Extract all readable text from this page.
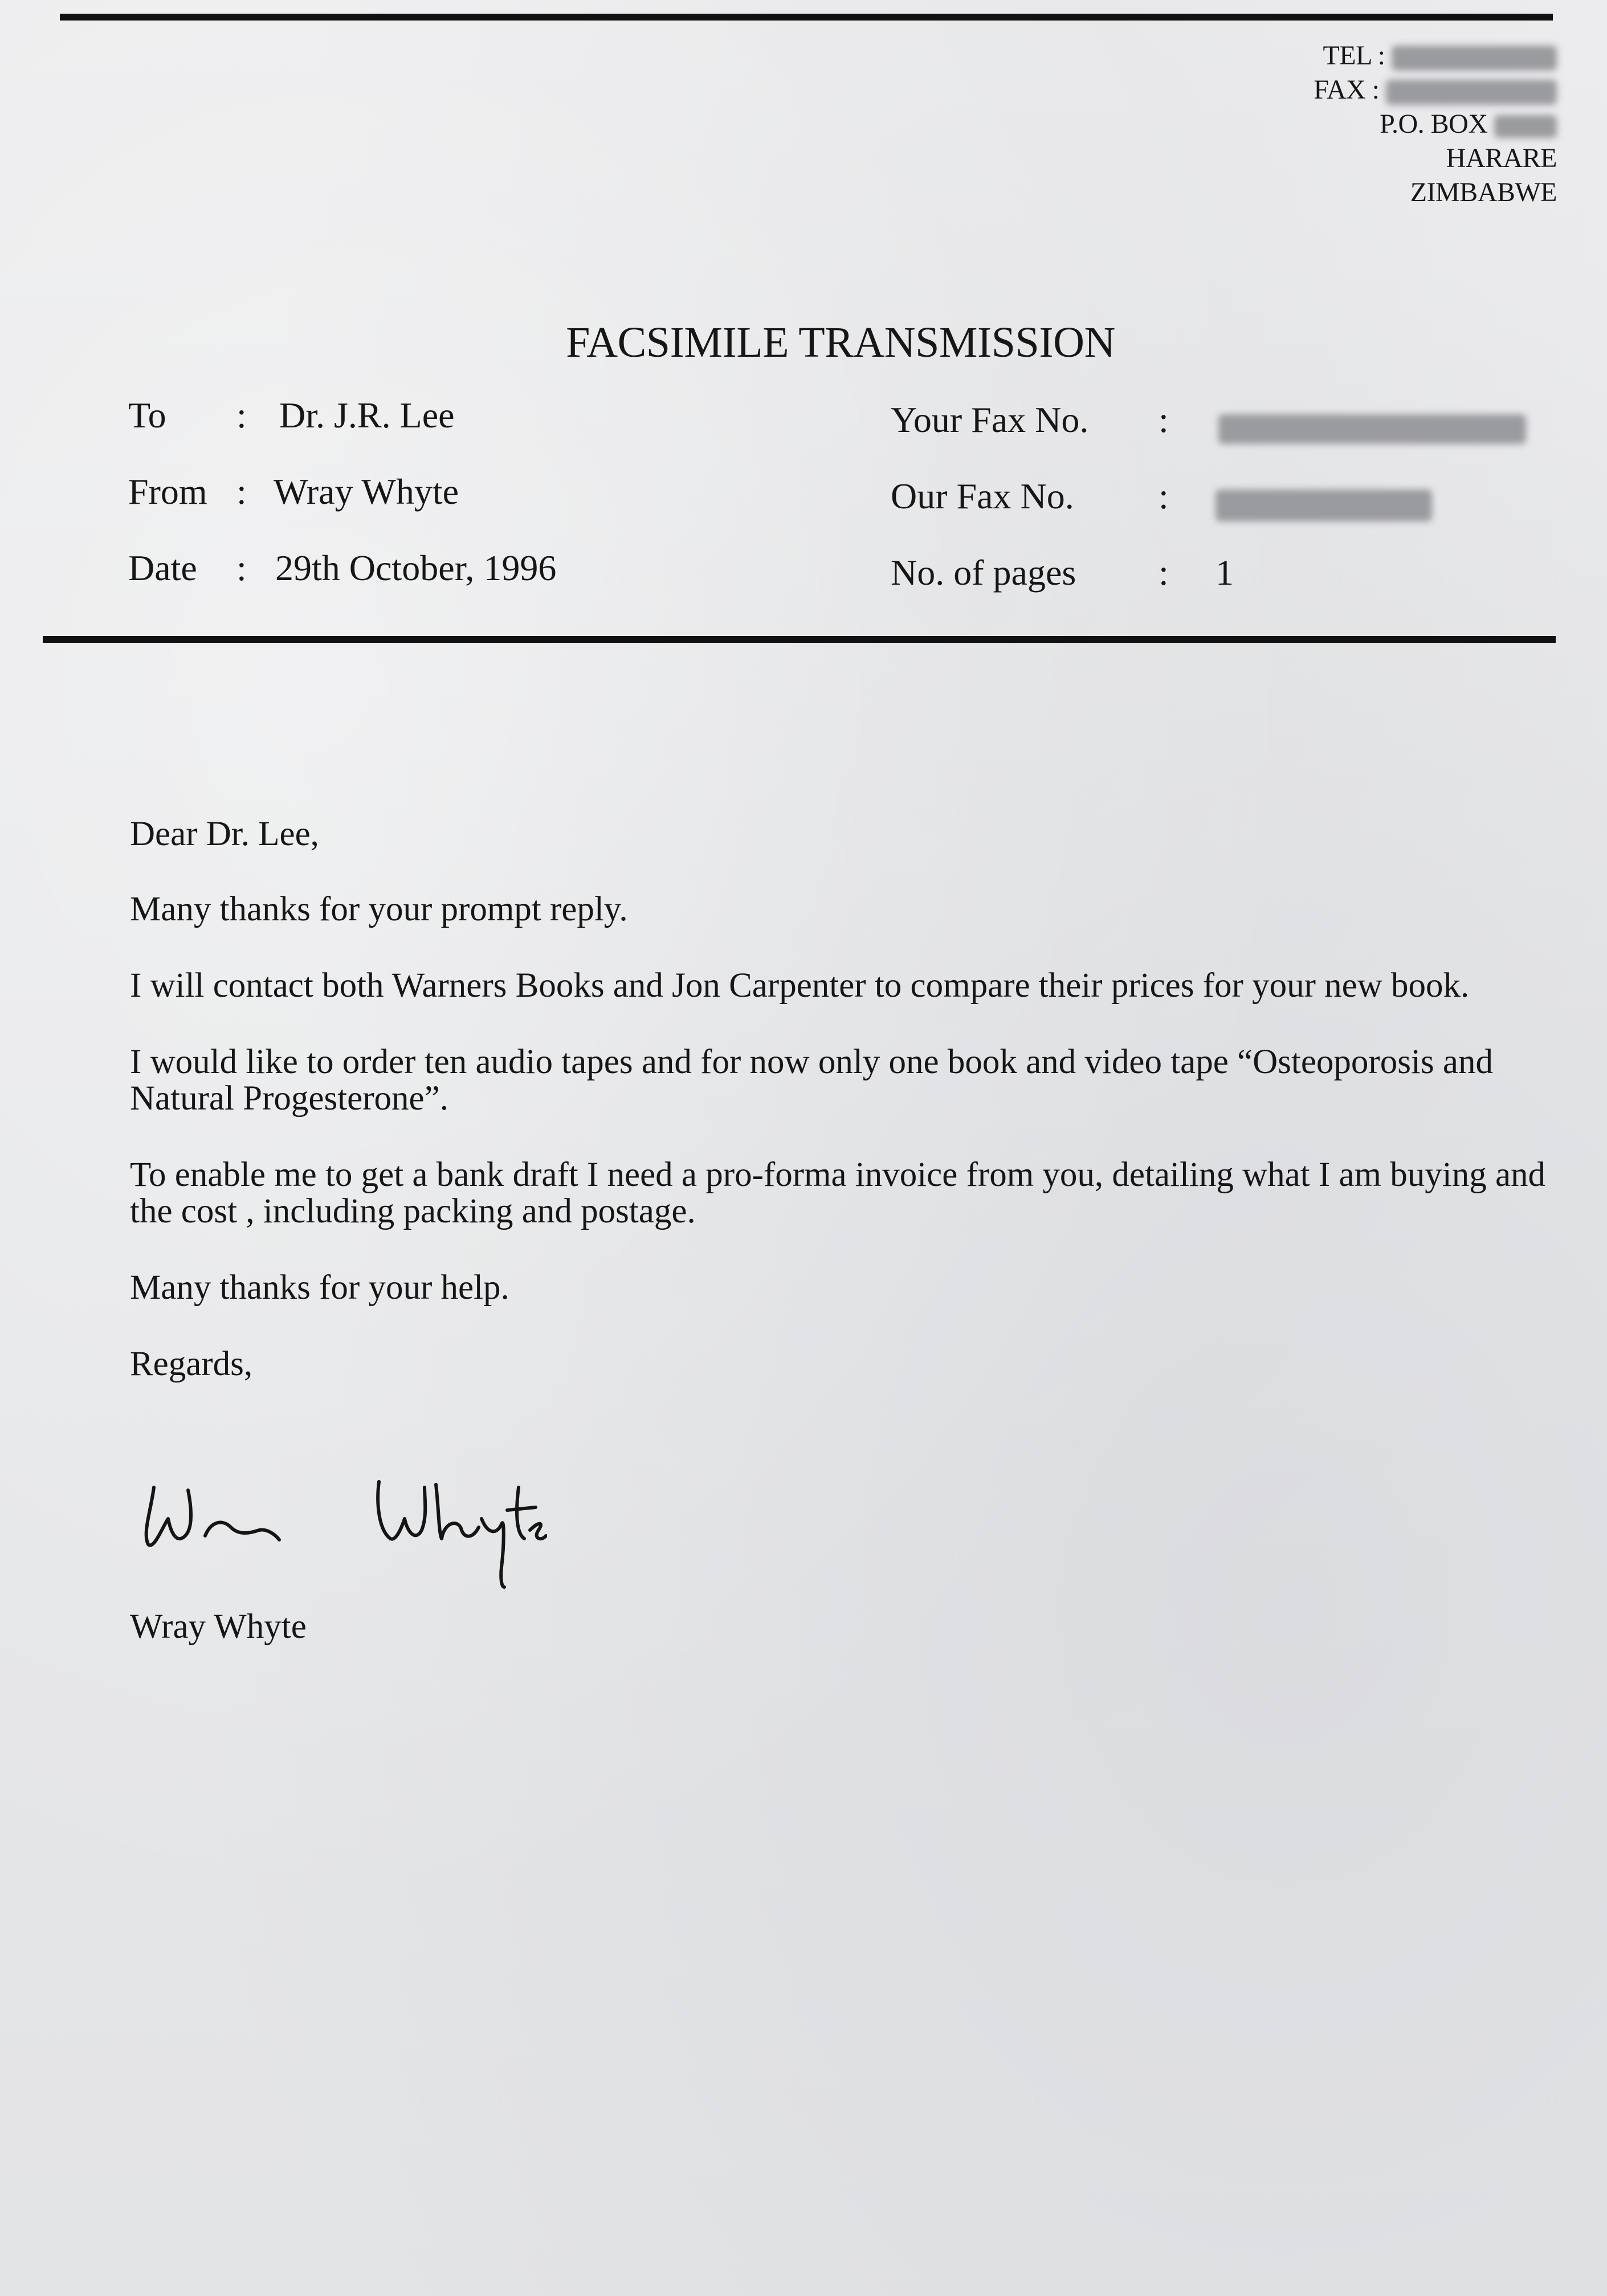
TEL :
FAX :
P.O. BOX
HARARE
ZIMBABWE
FACSIMILE TRANSMISSION
To : Dr. J.R. Lee
From : Wray Whyte
Date : 29th October, 1996
Your Fax No. :
Our Fax No. :
No. of pages : 1

Dear Dr. Lee,

Many thanks for your prompt reply.

I will contact both Warners Books and Jon Carpenter to compare their prices for your new book.

I would like to order ten audio tapes and for now only one book and video tape “Osteoporosis and Natural Progesterone”.

To enable me to get a bank draft I need a pro-forma invoice from you, detailing what I am buying and the cost , including packing and postage.

Many thanks for your help.

Regards,

Wray Whyte
